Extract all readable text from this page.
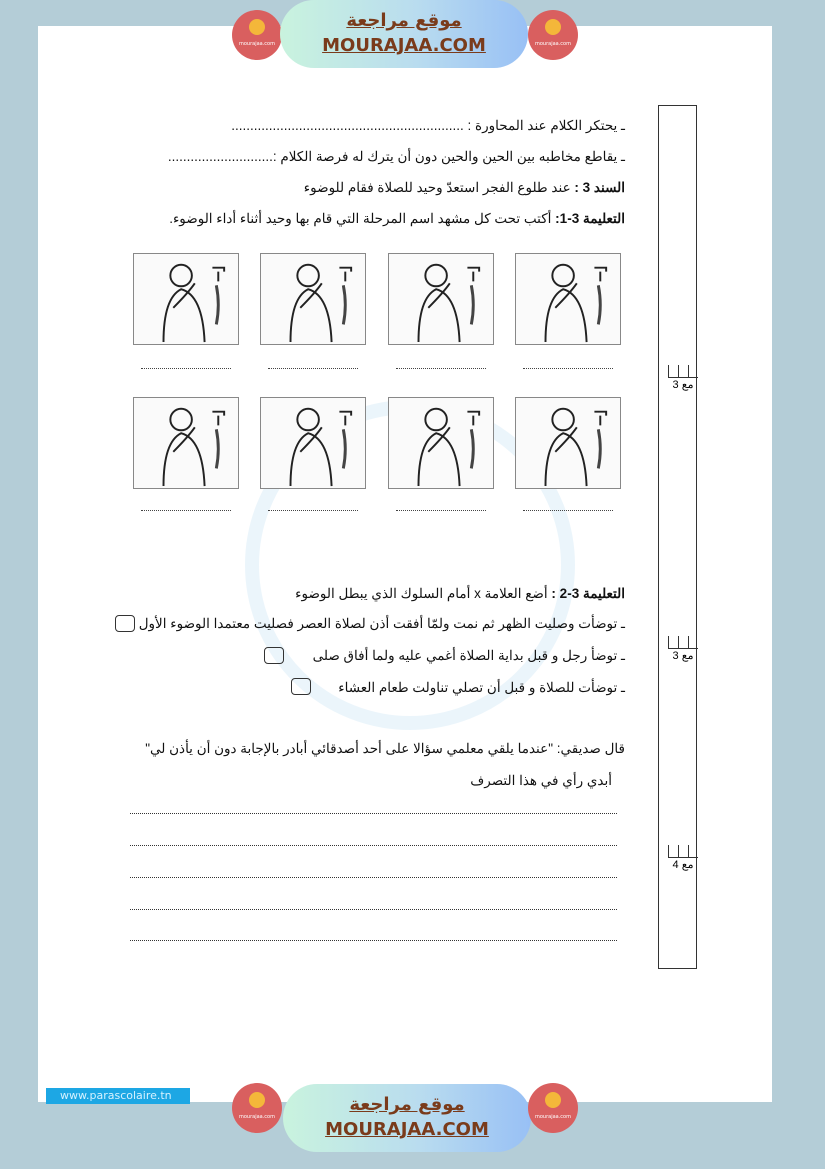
mourajaa.com
موقع مراجعة
MOURAJAA.COM	mourajaa.com
ـ يحتكر الكلام عند المحاورة : ..............................................................
ـ يقاطع مخاطبه بين الحين والحين دون أن يترك له فرصة الكلام :............................
السند 3 : عند طلوع الفجر استعدّ وحيد للصلاة فقام للوضوء
التعليمة 3-1: أكتب تحت كل مشهد اسم المرحلة التي قام بها وحيد أثناء أداء الوضوء.
التعليمة 3-2 : أضع العلامة x أمام السلوك الذي يبطل الوضوء
ـ توضأت وصليت الظهر ثم نمت ولمّا أفقت أذن لصلاة العصر فصليت معتمدا الوضوء الأول
ـ توضأ رجل و قبل بداية الصلاة أغمي عليه ولما أفاق صلى
ـ توضأت للصلاة و قبل أن تصلي تناولت طعام العشاء
قال صديقي: "عندما يلقي معلمي سؤالا على أحد أصدقائي أبادر بالإجابة دون أن يأذن لي"
أبدي رأي في هذا التصرف
مع 3
مع 3
مع 4
www.parascolaire.tn
mourajaa.com
موقع مراجعة
MOURAJAA.COM
mourajaa.com
